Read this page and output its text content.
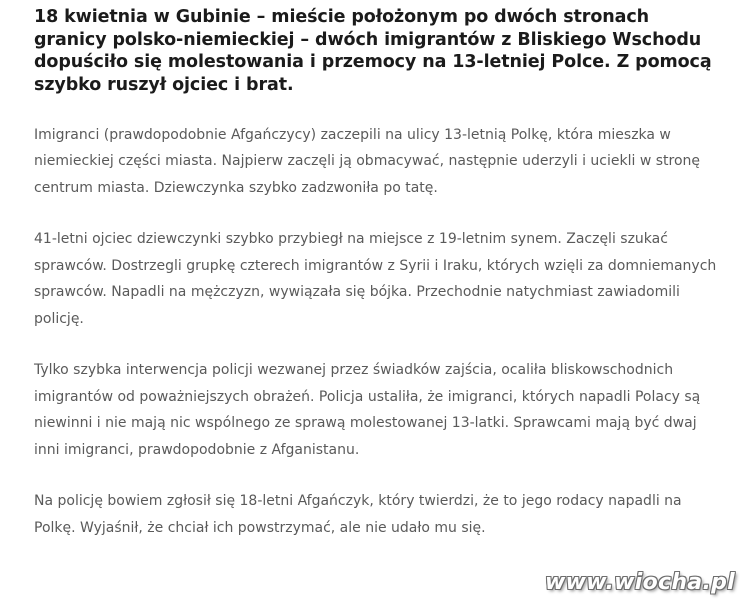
18 kwietnia w Gubinie – mieście położonym po dwóch stronach granicy polsko-niemieckiej – dwóch imigrantów z Bliskiego Wschodu dopuściło się molestowania i przemocy na 13-letniej Polce. Z pomocą szybko ruszył ojciec i brat.

Imigranci (prawdopodobnie Afgańczycy) zaczepili na ulicy 13-letnią Polkę, która mieszka w niemieckiej części miasta. Najpierw zaczęli ją obmacywać, następnie uderzyli i uciekli w stronę centrum miasta. Dziewczynka szybko zadzwoniła po tatę.

41-letni ojciec dziewczynki szybko przybiegł na miejsce z 19-letnim synem. Zaczęli szukać sprawców. Dostrzegli grupkę czterech imigrantów z Syrii i Iraku, których wzięli za domniemanych sprawców. Napadli na mężczyzn, wywiązała się bójka. Przechodnie natychmiast zawiadomili policję.

Tylko szybka interwencja policji wezwanej przez świadków zajścia, ocaliła bliskowschodnich imigrantów od poważniejszych obrażeń. Policja ustaliła, że imigranci, których napadli Polacy są niewinni i nie mają nic wspólnego ze sprawą molestowanej 13-latki. Sprawcami mają być dwaj inni imigranci, prawdopodobnie z Afganistanu.

Na policję bowiem zgłosił się 18-letni Afgańczyk, który twierdzi, że to jego rodacy napadli na Polkę. Wyjaśnił, że chciał ich powstrzymać, ale nie udało mu się.

www.wiocha.pl
